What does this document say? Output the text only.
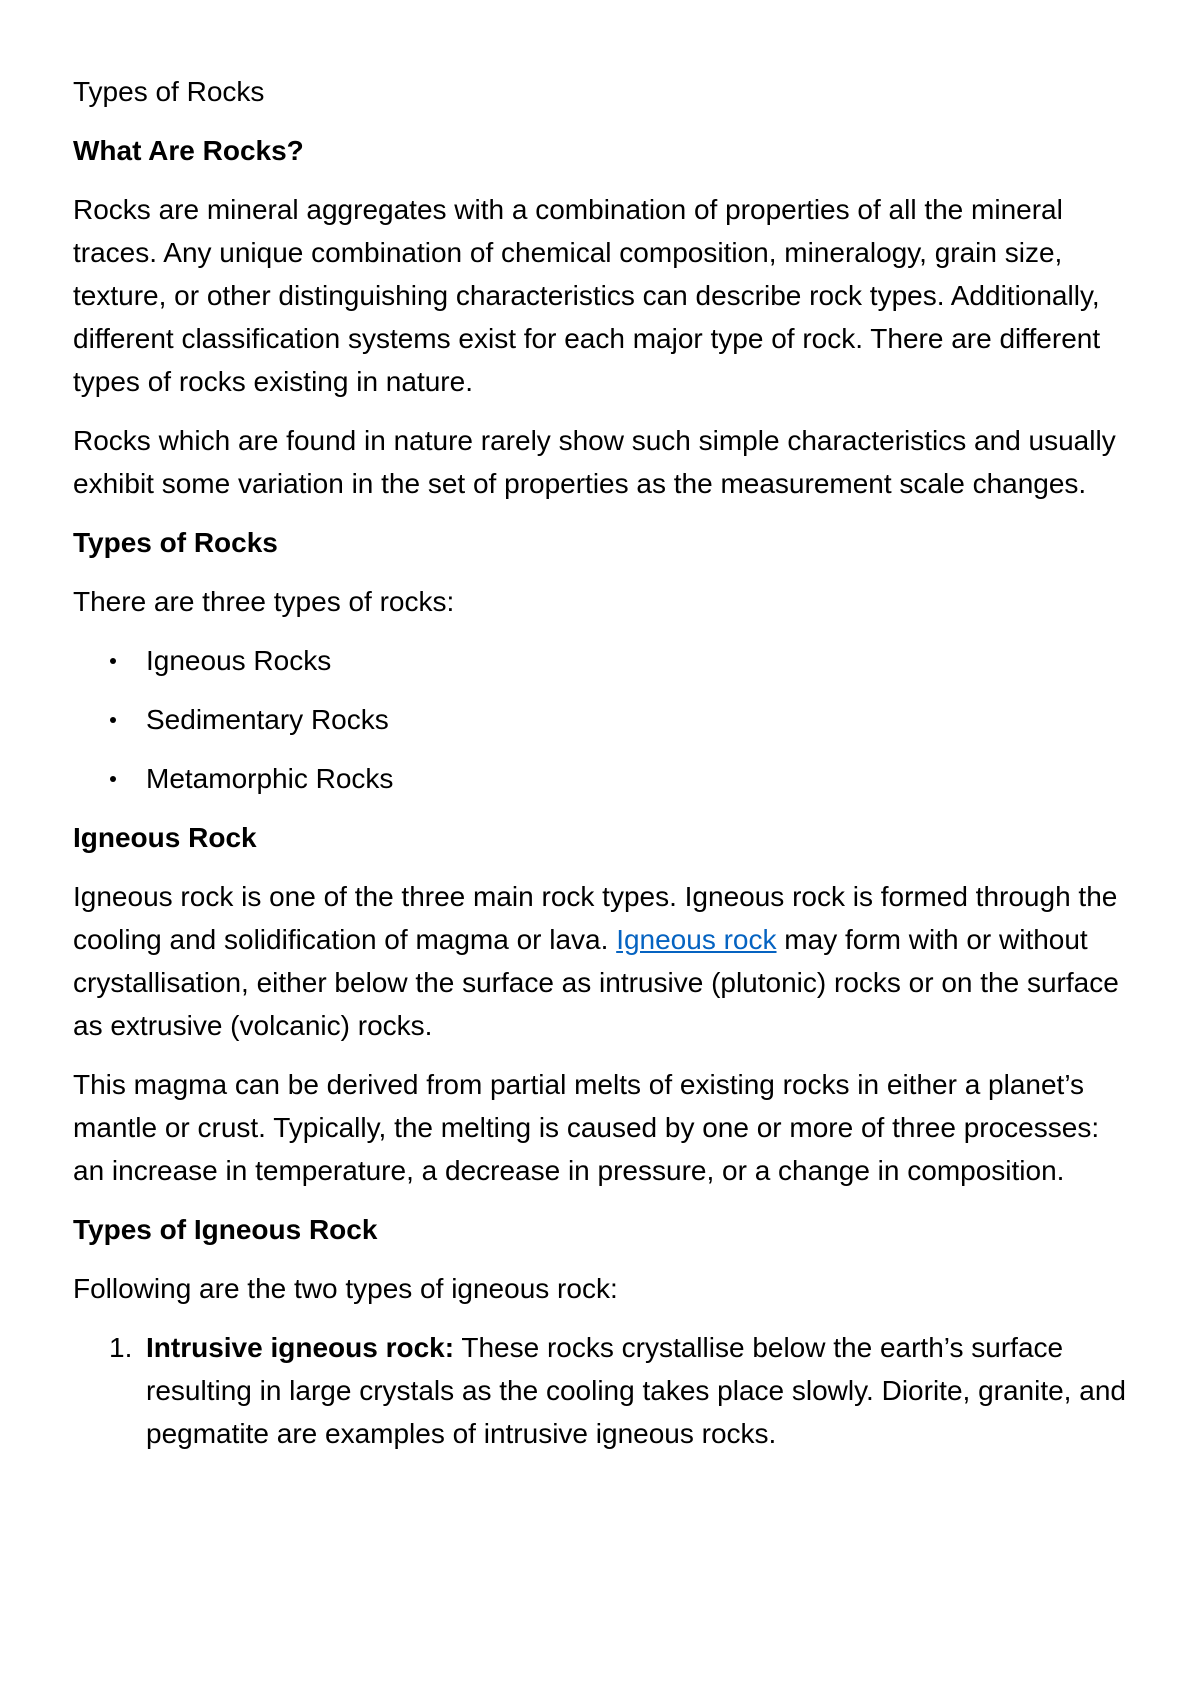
Types of Rocks
What Are Rocks?

Rocks are mineral aggregates with a combination of properties of all the mineral traces. Any unique combination of chemical composition, mineralogy, grain size, texture, or other distinguishing characteristics can describe rock types. Additionally, different classification systems exist for each major type of rock. There are different types of rocks existing in nature.

Rocks which are found in nature rarely show such simple characteristics and usually exhibit some variation in the set of properties as the measurement scale changes.

Types of Rocks

There are three types of rocks:

Igneous Rocks
Sedimentary Rocks
Metamorphic Rocks
Igneous Rock

Igneous rock is one of the three main rock types. Igneous rock is formed through the cooling and solidification of magma or lava. Igneous rock may form with or without crystallisation, either below the surface as intrusive (plutonic) rocks or on the surface as extrusive (volcanic) rocks.

This magma can be derived from partial melts of existing rocks in either a planet’s mantle or crust. Typically, the melting is caused by one or more of three processes: an increase in temperature, a decrease in pressure, or a change in composition.

Types of Igneous Rock

Following are the two types of igneous rock:

1. Intrusive igneous rock: These rocks crystallise below the earth’s surface resulting in large crystals as the cooling takes place slowly. Diorite, granite, and pegmatite are examples of intrusive igneous rocks.
